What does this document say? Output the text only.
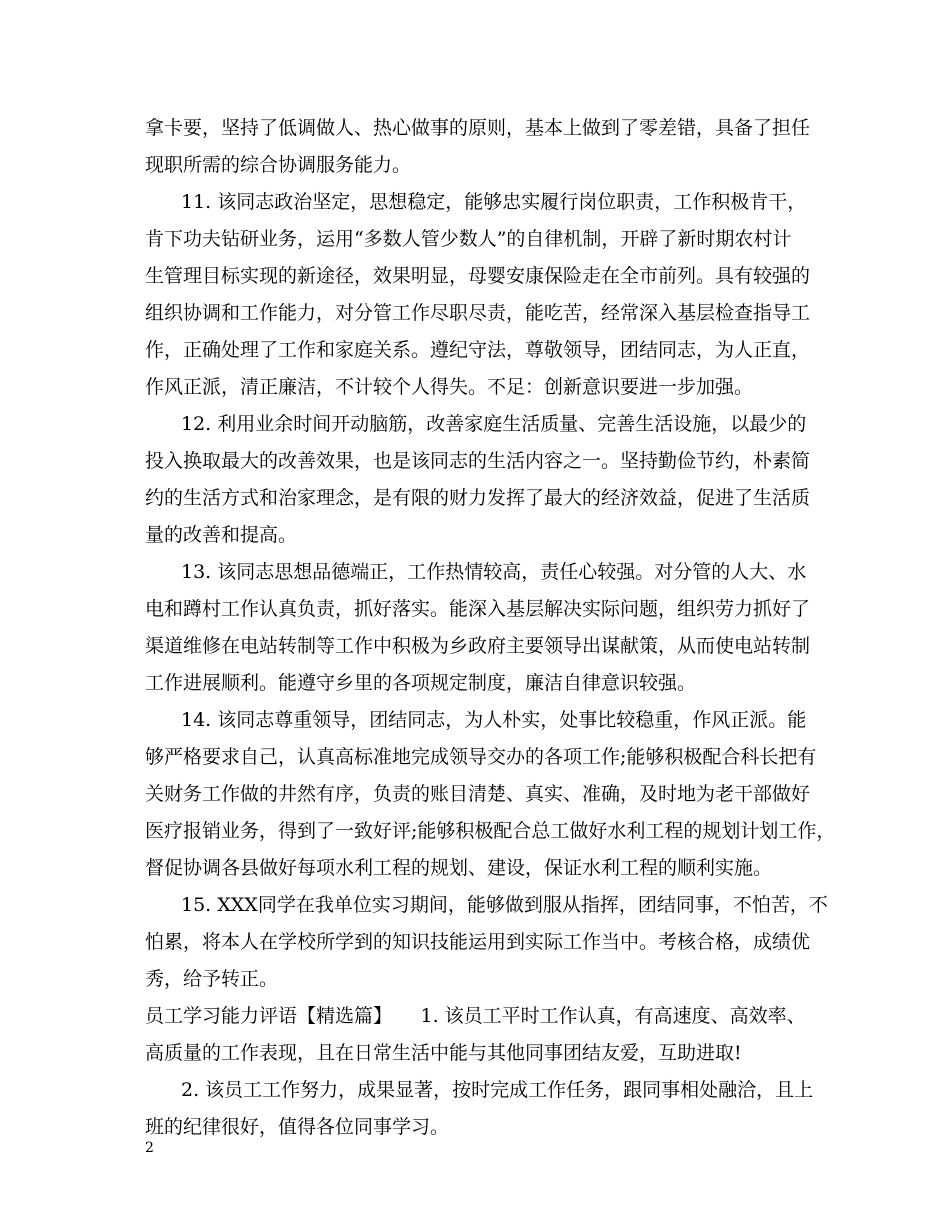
拿卡要，坚持了低调做人、热心做事的原则，基本上做到了零差错，具备了担任
现职所需的综合协调服务能力。
11. 该同志政治坚定，思想稳定，能够忠实履行岗位职责，工作积极肯干，
肯下功夫钻研业务，运用“多数人管少数人”的自律机制，开辟了新时期农村计
生管理目标实现的新途径，效果明显，母婴安康保险走在全市前列。具有较强的
组织协调和工作能力，对分管工作尽职尽责，能吃苦，经常深入基层检查指导工
作，正确处理了工作和家庭关系。遵纪守法，尊敬领导，团结同志，为人正直，
作风正派，清正廉洁，不计较个人得失。不足：创新意识要进一步加强。
12. 利用业余时间开动脑筋，改善家庭生活质量、完善生活设施，以最少的
投入换取最大的改善效果，也是该同志的生活内容之一。坚持勤俭节约，朴素简
约的生活方式和治家理念，是有限的财力发挥了最大的经济效益，促进了生活质
量的改善和提高。
13. 该同志思想品德端正，工作热情较高，责任心较强。对分管的人大、水
电和蹲村工作认真负责，抓好落实。能深入基层解决实际问题，组织劳力抓好了
渠道维修在电站转制等工作中积极为乡政府主要领导出谋献策，从而使电站转制
工作进展顺利。能遵守乡里的各项规定制度，廉洁自律意识较强。
14. 该同志尊重领导，团结同志，为人朴实，处事比较稳重，作风正派。能
够严格要求自己，认真高标准地完成领导交办的各项工作;能够积极配合科长把有
关财务工作做的井然有序，负责的账目清楚、真实、准确，及时地为老干部做好
医疗报销业务，得到了一致好评;能够积极配合总工做好水利工程的规划计划工作，
督促协调各县做好每项水利工程的规划、建设，保证水利工程的顺利实施。
15. XXX同学在我单位实习期间，能够做到服从指挥，团结同事，不怕苦，不
怕累，将本人在学校所学到的知识技能运用到实际工作当中。考核合格，成绩优
秀，给予转正。
员工学习能力评语【精选篇】　　1. 该员工平时工作认真，有高速度、高效率、
高质量的工作表现，且在日常生活中能与其他同事团结友爱，互助进取!
2. 该员工工作努力，成果显著，按时完成工作任务，跟同事相处融洽，且上
班的纪律很好，值得各位同事学习。
2
